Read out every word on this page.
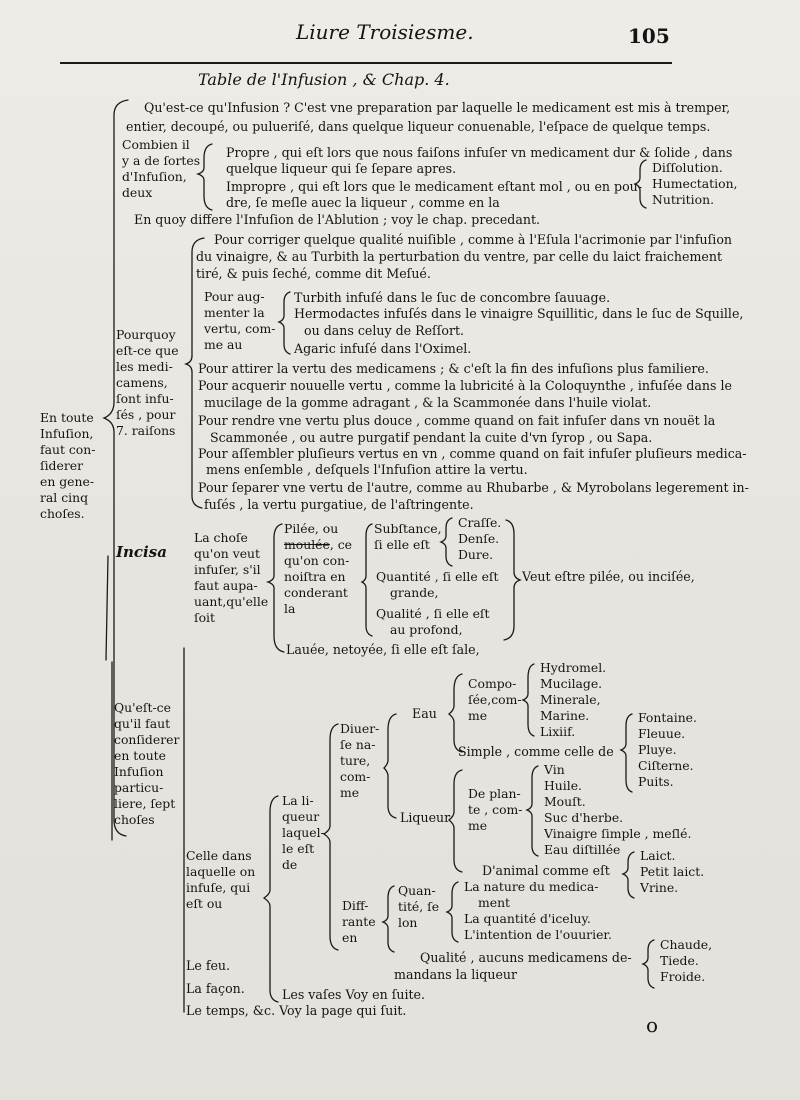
Liure Troisiesme.	105
Table de l'Infusion , & Chap. 4.
Qu'est-ce qu'Infusion ? C'est vne preparation par laquelle le medicament est mis à tremper,
entier, decoupé, ou pulueriſé, dans quelque liqueur conuenable, l'eſpace de quelque temps.
Combien il
y a de ſortes
d'Infuſion,
deux
Propre , qui eſt lors que nous faiſons infuſer vn medicament dur & ſolide , dans
quelque liqueur qui ſe ſepare apres.
Impropre , qui eſt lors que le medicament eſtant mol , ou en pou-
dre, ſe meſle auec la liqueur , comme en la
Diſſolution.
Humectation,
Nutrition.
En quoy differe l'Infuſion de l'Ablution ; voy le chap. precedant.
En toute
Infuſion,
faut con-
ſiderer
en gene-
ral cinq
choſes.
Pourquoy
eſt-ce que
les medi-
camens,
ſont infu-
ſés , pour
7. raiſons
Pour corriger quelque qualité nuiſible , comme à l'Eſula l'acrimonie par l'infuſion
du vinaigre, & au Turbith la perturbation du ventre, par celle du laict fraichement
tiré, & puis ſeché, comme dit Meſué.
Pour aug-
menter la
vertu, com-
me au
Turbith infuſé dans le ſuc de concombre ſauuage.
Hermodactes infuſés dans le vinaigre Squillitic, dans le ſuc de Squille,
ou dans celuy de Reſſort.
Agaric infuſé dans l'Oximel.
Pour attirer la vertu des medicamens ; & c'eſt la fin des infuſions plus familiere.
Pour acquerir nouuelle vertu , comme la lubricité à la Coloquynthe , infuſée dans le
mucilage de la gomme adragant , & la Scammonée dans l'huile violat.
Pour rendre vne vertu plus douce , comme quand on fait infuſer dans vn nouët la
Scammonée , ou autre purgatif pendant la cuite d'vn ſyrop , ou Sapa.
Pour aſſembler pluſieurs vertus en vn , comme quand on fait infuſer pluſieurs medica-
mens enſemble , deſquels l'Infuſion attire la vertu.
Pour ſeparer vne vertu de l'autre, comme au Rhubarbe , & Myrobolans legerement in-
fuſés , la vertu purgatiue, de l'aſtringente.
Incisa
Qu'eſt-ce
qu'il faut
conſiderer
en toute
Infuſion
particu-
liere, ſept
choſes
La choſe
qu'on veut
infuſer, s'il
faut aupa-
uant,qu'elle
ſoit
Pilée, ou
moulée, ce
qu'on con-
noiſtra en
conderant
la
Subſtance,
ſi elle eſt
Craſſe.
Denſe.
Dure.
Quantité , ſi elle eſt
grande,
Qualité , ſi elle eſt
au profond,
Veut eſtre pilée, ou inciſée,
Lauée, netoyée, ſi elle eſt ſale,
Celle dans
laquelle on
infuſe, qui
eſt ou
La li-
queur
laquel-
le eſt
de
Diuer-
ſe na-
ture,
com-
me
Eau
Compo-
ſée,com-
me
Hydromel.
Mucilage.
Minerale,
Marine.
Lixiif.
Simple , comme celle de
Fontaine.
Fleuue.
Pluye.
Ciſterne.
Puits.
Liqueur
De plan-
te , com-
me
Vin
Huile.
Mouſt.
Suc d'herbe.
Vinaigre ſimple , meſlé.
Eau diſtillée
D'animal comme eſt
Laict.
Petit laict.
Vrine.
Diff-
rante
en
Quan-
tité, ſe
lon
La nature du medica-
ment
La quantité d'iceluy.
L'intention de l'ouurier.
Qualité , aucuns medicamens de-
mandans la liqueur
Chaude,
Tiede.
Froide.
Le feu.
La façon.	Les vaſes Voy en ſuite.
Le temps, &c. Voy la page qui ſuit.
o
